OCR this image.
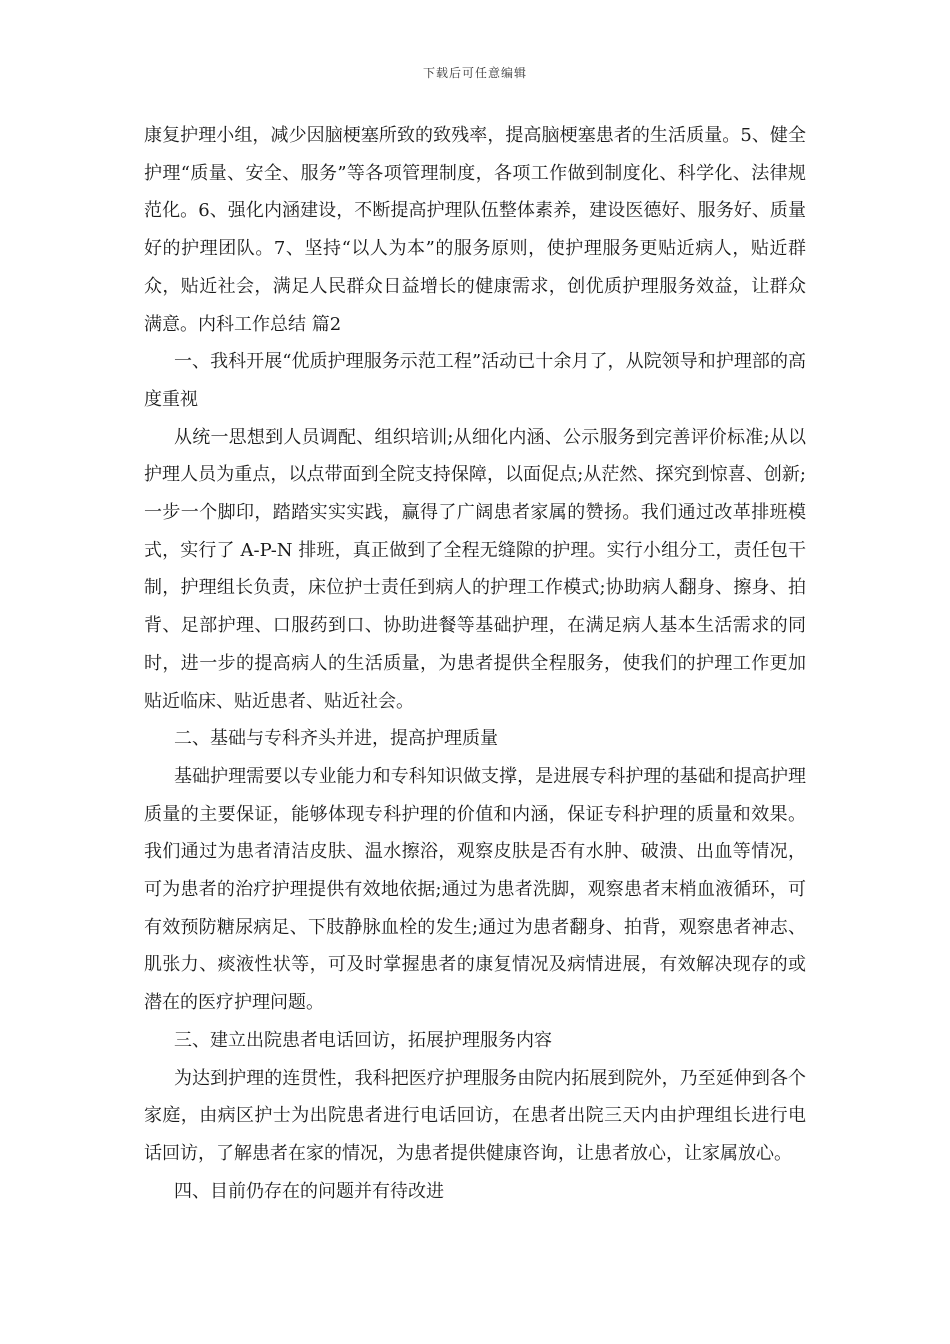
下载后可任意编辑

康复护理小组，减少因脑梗塞所致的致残率，提高脑梗塞患者的生活质量。5、健全护理“质量、安全、服务”等各项管理制度，各项工作做到制度化、科学化、法律规范化。6、强化内涵建设，不断提高护理队伍整体素养，建设医德好、服务好、质量好的护理团队。7、坚持“以人为本”的服务原则，使护理服务更贴近病人，贴近群众，贴近社会，满足人民群众日益增长的健康需求，创优质护理服务效益，让群众满意。内科工作总结 篇2

一、我科开展“优质护理服务示范工程”活动已十余月了，从院领导和护理部的高度重视

从统一思想到人员调配、组织培训;从细化内涵、公示服务到完善评价标准;从以护理人员为重点，以点带面到全院支持保障，以面促点;从茫然、探究到惊喜、创新;一步一个脚印，踏踏实实实践，赢得了广阔患者家属的赞扬。我们通过改革排班模式，实行了 A-P-N 排班，真正做到了全程无缝隙的护理。实行小组分工，责任包干制，护理组长负责，床位护士责任到病人的护理工作模式;协助病人翻身、擦身、拍背、足部护理、口服药到口、协助进餐等基础护理，在满足病人基本生活需求的同时，进一步的提高病人的生活质量，为患者提供全程服务，使我们的护理工作更加贴近临床、贴近患者、贴近社会。

二、基础与专科齐头并进，提高护理质量

基础护理需要以专业能力和专科知识做支撑，是进展专科护理的基础和提高护理质量的主要保证，能够体现专科护理的价值和内涵，保证专科护理的质量和效果。我们通过为患者清洁皮肤、温水擦浴，观察皮肤是否有水肿、破溃、出血等情况，可为患者的治疗护理提供有效地依据;通过为患者洗脚，观察患者末梢血液循环，可有效预防糖尿病足、下肢静脉血栓的发生;通过为患者翻身、拍背，观察患者神志、肌张力、痰液性状等，可及时掌握患者的康复情况及病情进展，有效解决现存的或潜在的医疗护理问题。

三、建立出院患者电话回访，拓展护理服务内容

为达到护理的连贯性，我科把医疗护理服务由院内拓展到院外，乃至延伸到各个家庭，由病区护士为出院患者进行电话回访，在患者出院三天内由护理组长进行电话回访，了解患者在家的情况，为患者提供健康咨询，让患者放心，让家属放心。

四、目前仍存在的问题并有待改进
